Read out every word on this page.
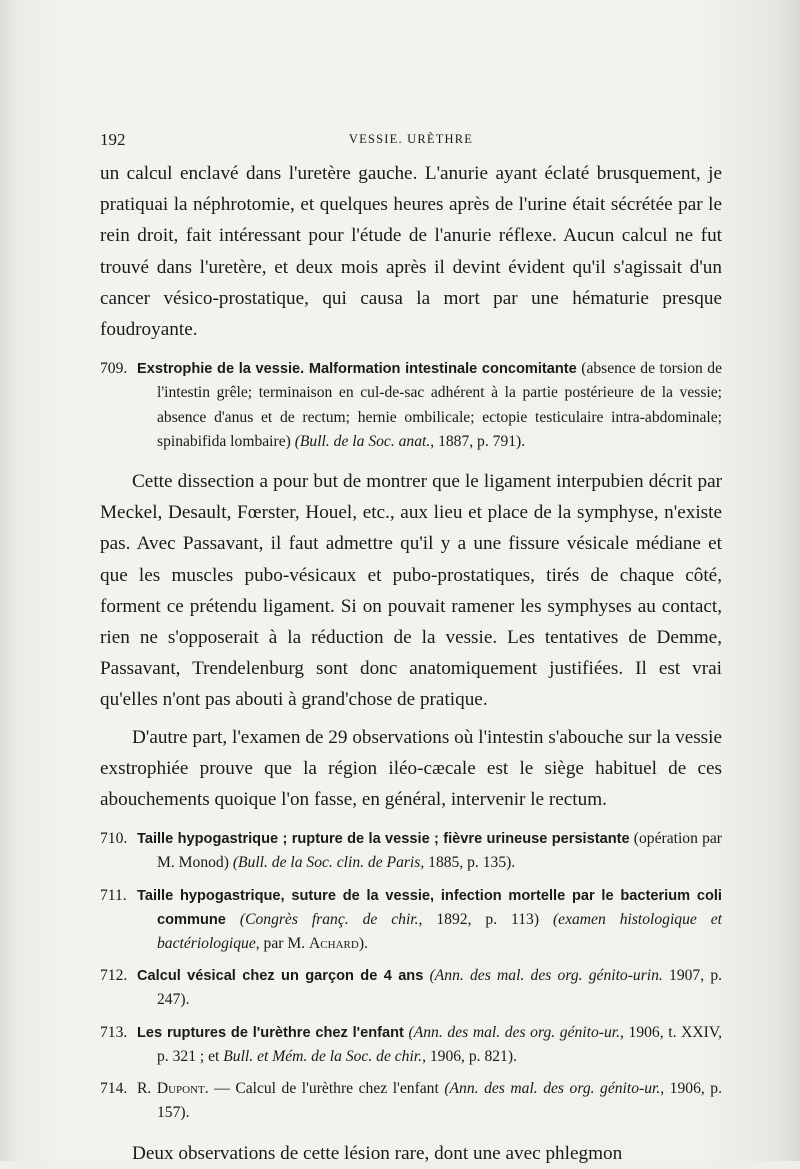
192	VESSIE. URÈTHRE

un calcul enclavé dans l'uretère gauche. L'anurie ayant éclaté brusquement, je pratiquai la néphrotomie, et quelques heures après de l'urine était sécrétée par le rein droit, fait intéressant pour l'étude de l'anurie réflexe. Aucun calcul ne fut trouvé dans l'uretère, et deux mois après il devint évident qu'il s'agissait d'un cancer vésico-prostatique, qui causa la mort par une hématurie presque foudroyante.

709. Exstrophie de la vessie. Malformation intestinale concomitante (absence de torsion de l'intestin grêle; terminaison en cul-de-sac adhérent à la partie postérieure de la vessie; absence d'anus et de rectum; hernie ombilicale; ectopie testiculaire intra-abdominale; spinabifida lombaire) (Bull. de la Soc. anat., 1887, p. 791).

Cette dissection a pour but de montrer que le ligament interpubien décrit par Meckel, Desault, Fœrster, Houel, etc., aux lieu et place de la symphyse, n'existe pas. Avec Passavant, il faut admettre qu'il y a une fissure vésicale médiane et que les muscles pubo-vésicaux et pubo-prostatiques, tirés de chaque côté, forment ce prétendu ligament. Si on pouvait ramener les symphyses au contact, rien ne s'opposerait à la réduction de la vessie. Les tentatives de Demme, Passavant, Trendelenburg sont donc anatomiquement justifiées. Il est vrai qu'elles n'ont pas abouti à grand'chose de pratique.

D'autre part, l'examen de 29 observations où l'intestin s'abouche sur la vessie exstrophiée prouve que la région iléo-cæcale est le siège habituel de ces abouchements quoique l'on fasse, en général, intervenir le rectum.

710. Taille hypogastrique ; rupture de la vessie ; fièvre urineuse persistante (opération par M. Monod) (Bull. de la Soc. clin. de Paris, 1885, p. 135).

711. Taille hypogastrique, suture de la vessie, infection mortelle par le bacterium coli commune (Congrès franç. de chir., 1892, p. 113) (examen histologique et bactériologique, par M. Achard).

712. Calcul vésical chez un garçon de 4 ans (Ann. des mal. des org. génito-urin. 1907, p. 247).

713. Les ruptures de l'urèthre chez l'enfant (Ann. des mal. des org. génito-ur., 1906, t. XXIV, p. 321 ; et Bull. et Mém. de la Soc. de chir., 1906, p. 821).

714. R. Dupont. — Calcul de l'urèthre chez l'enfant (Ann. des mal. des org. génito-ur., 1906, p. 157).

Deux observations de cette lésion rare, dont une avec phlegmon
